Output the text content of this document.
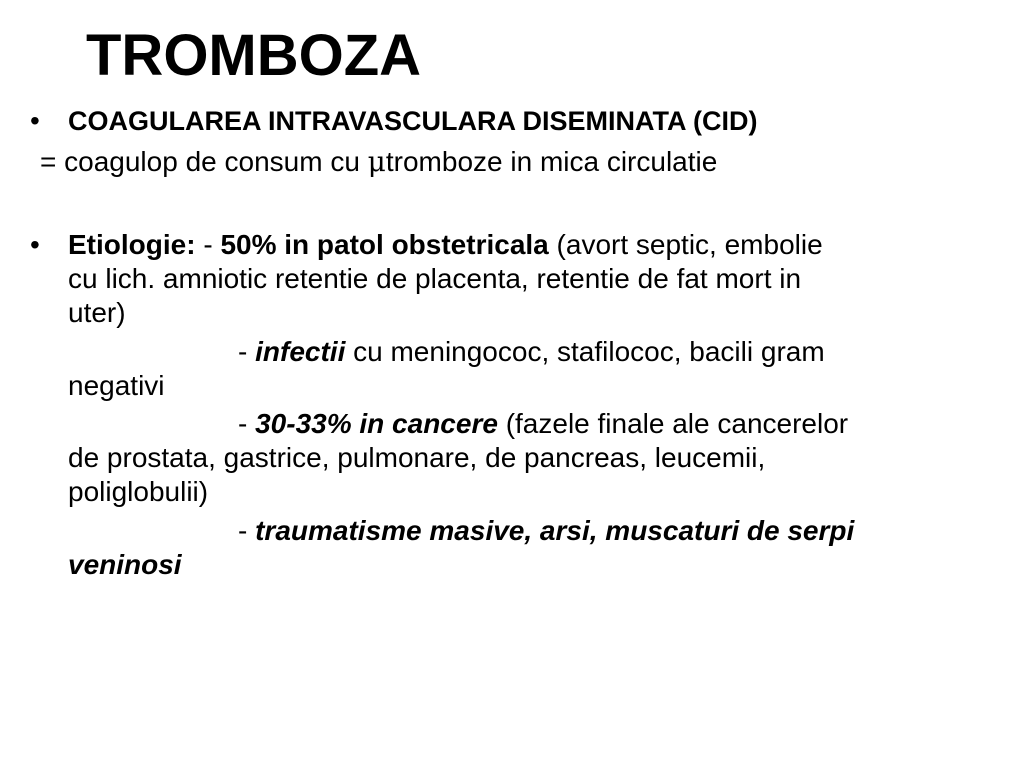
TROMBOZA
• COAGULAREA INTRAVASCULARA DISEMINATA (CID)
= coagulop de consum cu μtromboze in mica circulatie
• Etiologie: - 50% in patol obstetricala (avort septic, embolie
cu lich. amniotic retentie de placenta, retentie de fat mort in
uter)
- infectii cu meningococ, stafilococ, bacili gram
negativi
- 30-33% in cancere (fazele finale ale cancerelor
de prostata, gastrice, pulmonare, de pancreas, leucemii,
poliglobulii)
- traumatisme masive, arsi, muscaturi de serpi
veninosi
